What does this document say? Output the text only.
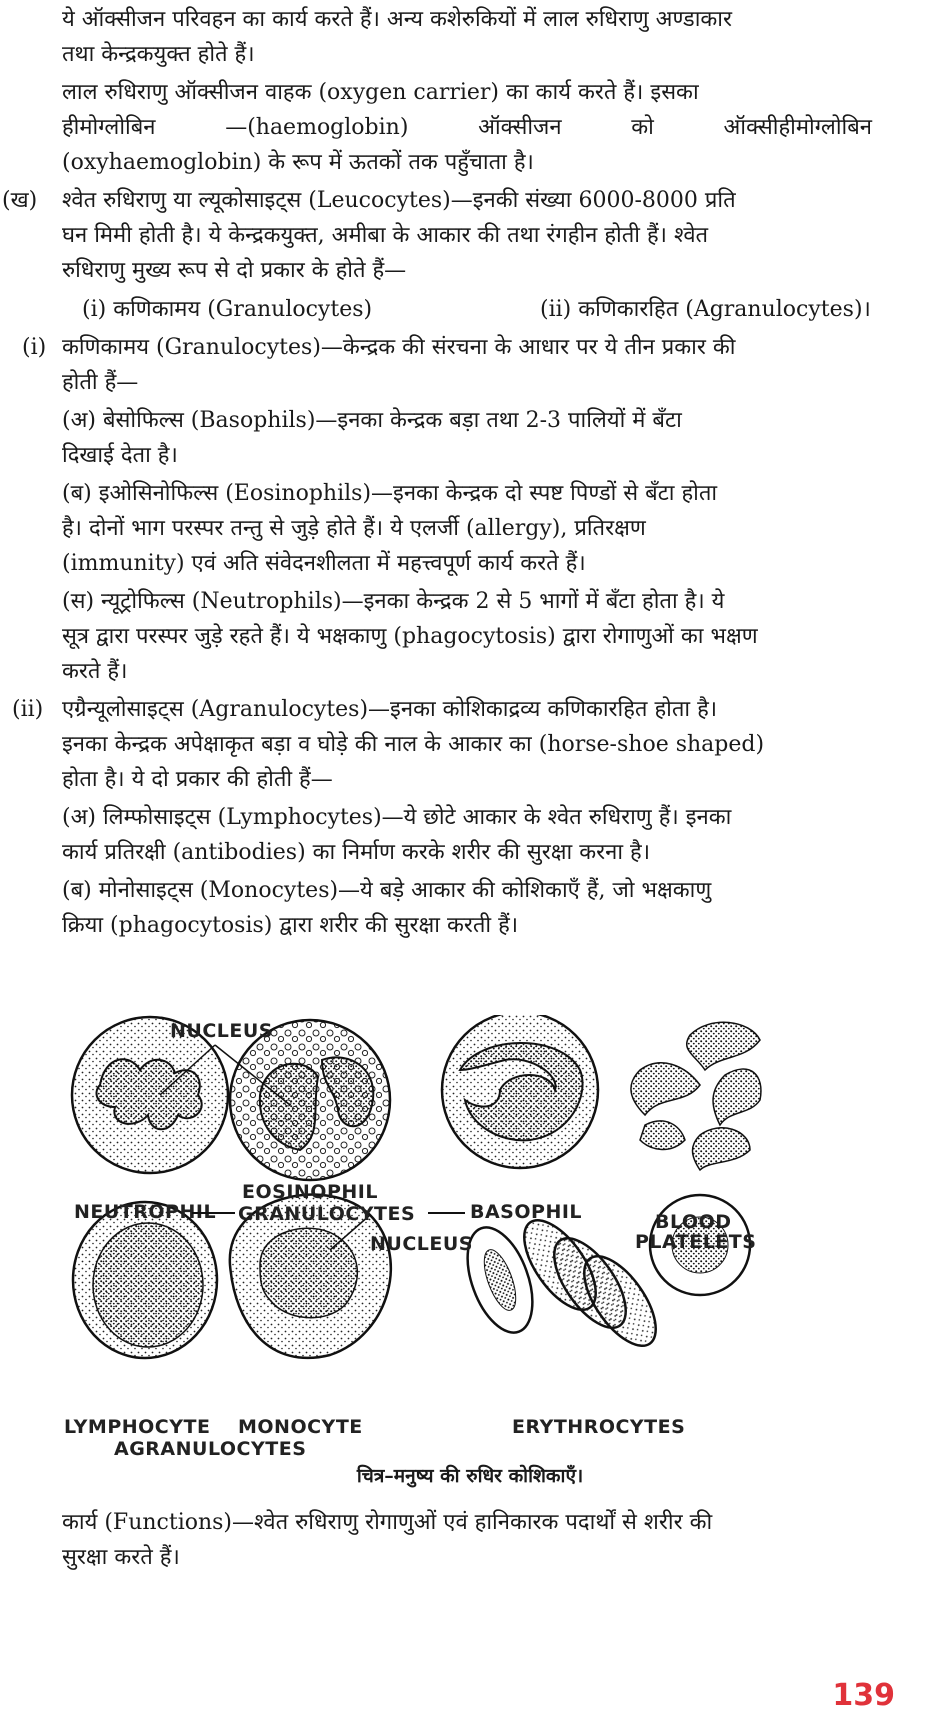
ये ऑक्सीजन परिवहन का कार्य करते हैं। अन्य कशेरुकियों में लाल रुधिराणु अण्डाकार

तथा केन्द्रकयुक्त होते हैं।

लाल रुधिराणु ऑक्सीजन वाहक (oxygen carrier) का कार्य करते हैं। इसका

हीमोग्लोबिन —(haemoglobin) ऑक्सीजन को ऑक्सीहीमोग्लोबिन

(oxyhaemoglobin) के रूप में ऊतकों तक पहुँचाता है।

(ख) श्वेत रुधिराणु या ल्यूकोसाइट्स (Leucocytes)—इनकी संख्या 6000-8000 प्रति

घन मिमी होती है। ये केन्द्रकयुक्त, अमीबा के आकार की तथा रंगहीन होती हैं। श्वेत

रुधिराणु मुख्य रूप से दो प्रकार के होते हैं—

(i) कणिकामय (Granulocytes)	(ii) कणिकारहित (Agranulocytes)।
(i) कणिकामय (Granulocytes)—केन्द्रक की संरचना के आधार पर ये तीन प्रकार की

होती हैं—

(अ) बेसोफिल्स (Basophils)—इनका केन्द्रक बड़ा तथा 2-3 पालियों में बँटा

दिखाई देता है।

(ब) इओसिनोफिल्स (Eosinophils)—इनका केन्द्रक दो स्पष्ट पिण्डों से बँटा होता

है। दोनों भाग परस्पर तन्तु से जुड़े होते हैं। ये एलर्जी (allergy), प्रतिरक्षण

(immunity) एवं अति संवेदनशीलता में महत्त्वपूर्ण कार्य करते हैं।

(स) न्यूट्रोफिल्स (Neutrophils)—इनका केन्द्रक 2 से 5 भागों में बँटा होता है। ये

सूत्र द्वारा परस्पर जुड़े रहते हैं। ये भक्षकाणु (phagocytosis) द्वारा रोगाणुओं का भक्षण

करते हैं।

(ii) एग्रैन्यूलोसाइट्स (Agranulocytes)—इनका कोशिकाद्रव्य कणिकारहित होता है।

इनका केन्द्रक अपेक्षाकृत बड़ा व घोड़े की नाल के आकार का (horse-shoe shaped)

होता है। ये दो प्रकार की होती हैं—

(अ) लिम्फोसाइट्स (Lymphocytes)—ये छोटे आकार के श्वेत रुधिराणु हैं। इनका

कार्य प्रतिरक्षी (antibodies) का निर्माण करके शरीर की सुरक्षा करना है।

(ब) मोनोसाइट्स (Monocytes)—ये बड़े आकार की कोशिकाएँ हैं, जो भक्षकाणु

क्रिया (phagocytosis) द्वारा शरीर की सुरक्षा करती हैं।

NUCLEUS
EOSINOPHIL
NEUTROPHIL GRANULOCYTES	BASOPHIL	BLOOD
PLATELETS
NUCLEUS
LYMPHOCYTE MONOCYTE
AGRANULOCYTES
ERYTHROCYTES
चित्र–मनुष्य की रुधिर कोशिकाएँ।

कार्य (Functions)—श्वेत रुधिराणु रोगाणुओं एवं हानिकारक पदार्थों से शरीर की

सुरक्षा करते हैं।

139
